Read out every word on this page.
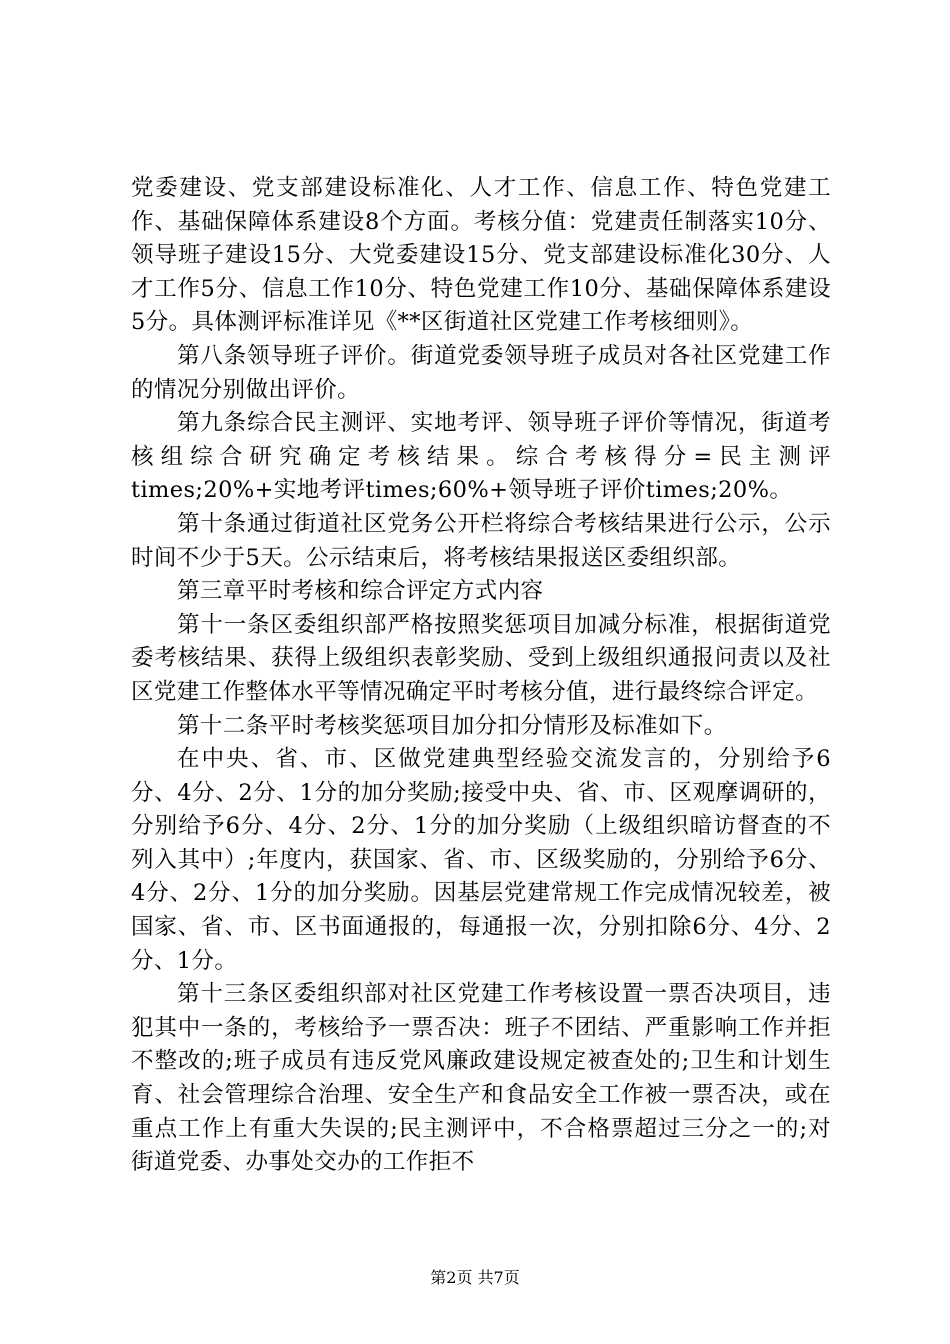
党委建设、党支部建设标准化、人才工作、信息工作、特色党建工作、基础保障体系建设8个方面。考核分值：党建责任制落实10分、领导班子建设15分、大党委建设15分、党支部建设标准化30分、人才工作5分、信息工作10分、特色党建工作10分、基础保障体系建设5分。具体测评标准详见《**区街道社区党建工作考核细则》。

第八条领导班子评价。街道党委领导班子成员对各社区党建工作的情况分别做出评价。

第九条综合民主测评、实地考评、领导班子评价等情况，街道考核组综合研究确定考核结果。综合考核得分=民主测评times;20%+实地考评times;60%+领导班子评价times;20%。

第十条通过街道社区党务公开栏将综合考核结果进行公示，公示时间不少于5天。公示结束后，将考核结果报送区委组织部。

第三章平时考核和综合评定方式内容

第十一条区委组织部严格按照奖惩项目加减分标准，根据街道党委考核结果、获得上级组织表彰奖励、受到上级组织通报问责以及社区党建工作整体水平等情况确定平时考核分值，进行最终综合评定。

第十二条平时考核奖惩项目加分扣分情形及标准如下。

在中央、省、市、区做党建典型经验交流发言的，分别给予6分、4分、2分、1分的加分奖励;接受中央、省、市、区观摩调研的，分别给予6分、4分、2分、1分的加分奖励（上级组织暗访督查的不列入其中）;年度内，获国家、省、市、区级奖励的，分别给予6分、4分、2分、1分的加分奖励。因基层党建常规工作完成情况较差，被国家、省、市、区书面通报的，每通报一次，分别扣除6分、4分、2分、1分。

第十三条区委组织部对社区党建工作考核设置一票否决项目，违犯其中一条的，考核给予一票否决：班子不团结、严重影响工作并拒不整改的;班子成员有违反党风廉政建设规定被查处的;卫生和计划生育、社会管理综合治理、安全生产和食品安全工作被一票否决，或在重点工作上有重大失误的;民主测评中，不合格票超过三分之一的;对街道党委、办事处交办的工作拒不

第2页 共7页
